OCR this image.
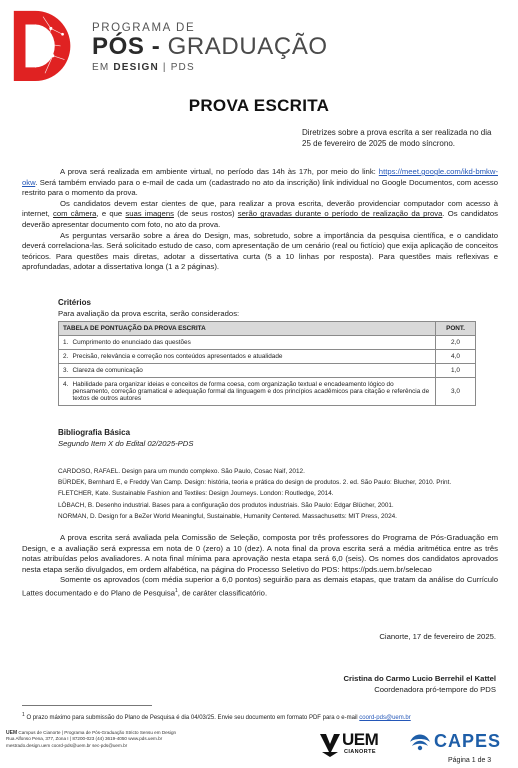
PROGRAMA DE
PÓS - GRADUAÇÃO
EM DESIGN | PDS
PROVA ESCRITA
Diretrizes sobre a prova escrita a ser realizada no dia 25 de fevereiro de 2025 de modo síncrono.

A prova será realizada em ambiente virtual, no período das 14h às 17h, por meio do link: https://meet.google.com/ikd-bmkw-okw. Será também enviado para o e-mail de cada um (cadastrado no ato da inscrição) link individual no Google Documentos, com acesso restrito para o momento da prova.

Os candidatos devem estar cientes de que, para realizar a prova escrita, deverão providenciar computador com acesso à internet, com câmera, e que suas imagens (de seus rostos) serão gravadas durante o período de realização da prova. Os candidatos deverão apresentar documento com foto, no ato da prova.

As perguntas versarão sobre a área do Design, mas, sobretudo, sobre a importância da pesquisa científica, e o candidato deverá correlaciona-las. Será solicitado estudo de caso, com apresentação de um cenário (real ou fictício) que exija aplicação de conceitos teóricos. Para questões mais diretas, adotar a dissertativa curta (5 a 10 linhas por resposta). Para questões mais reflexivas e aprofundadas, adotar a dissertativa longa (1 a 2 páginas).

Critérios
Para avaliação da prova escrita, serão considerados:
TABELA DE PONTUAÇÃO DA PROVA ESCRITA		PONT.
1.	Cumprimento do enunciado das questões	2,0
2.	Precisão, relevância e correção nos conteúdos apresentados e atualidade	4,0
3.	Clareza de comunicação	1,0
4.	Habilidade para organizar ideias e conceitos de forma coesa, com organização textual e encadeamento lógico do pensamento, correção gramatical e adequação formal da linguagem e dos princípios acadêmicos para citação e referência de textos de outros autores	3,0
Bibliografia Básica
Segundo Item X do Edital 02/2025-PDS
CARDOSO, RAFAEL. Design para um mundo complexo. São Paulo, Cosac Naif, 2012.
BÜRDEK, Bernhard E, e Freddy Van Camp. Design: história, teoria e prática do design de produtos. 2. ed. São Paulo: Blucher, 2010. Print.
FLETCHER, Kate. Sustainable Fashion and Textiles: Design Journeys. London: Routledge, 2014.
LÖBACH, B. Desenho industrial. Bases para a configuração dos produtos industriais. São Paulo: Edgar Blücher, 2001.
NORMAN, D. Design for a BeZer World Meaningful, Sustainable, Humanity Centered. Massachusetts: MIT Press, 2024.

A prova escrita será avaliada pela Comissão de Seleção, composta por três professores do Programa de Pós-Graduação em Design, e a avaliação será expressa em nota de 0 (zero) a 10 (dez). A nota final da prova escrita será a média aritmética entre as três notas atribuídas pelos avaliadores. A nota final mínima para aprovação nesta etapa será 6,0 (seis). Os nomes dos candidatos aprovados nesta etapa serão divulgados, em ordem alfabética, na página do Processo Seletivo do PDS: https://pds.uem.br/selecao

Somente os aprovados (com média superior a 6,0 pontos) seguirão para as demais etapas, que tratam da análise do Currículo Lattes documentado e do Plano de Pesquisa$^1$, de caráter classificatório.

Cianorte, 17 de fevereiro de 2025.
Cristina do Carmo Lucio Berrehil el Kattel
Coordenadora pró-tempore do PDS
$^1$ O prazo máximo para submissão do Plano de Pesquisa é dia 04/03/25. Envie seu documento em formato PDF para o e-mail coord-pds@uem.br
UEM Campus de Cianorte | Programa de Pós-Graduação Stricto Sensu em Design
Rua Alfonso Pena, 377, Zona I | 87200-023 (44) 3619-4050 www.pds.uem.br
mestrado.design.uem coord-pds@uem.br sec-pds@uem.br	UEM
CIANORTE
CAPES
Página 1 de 3
